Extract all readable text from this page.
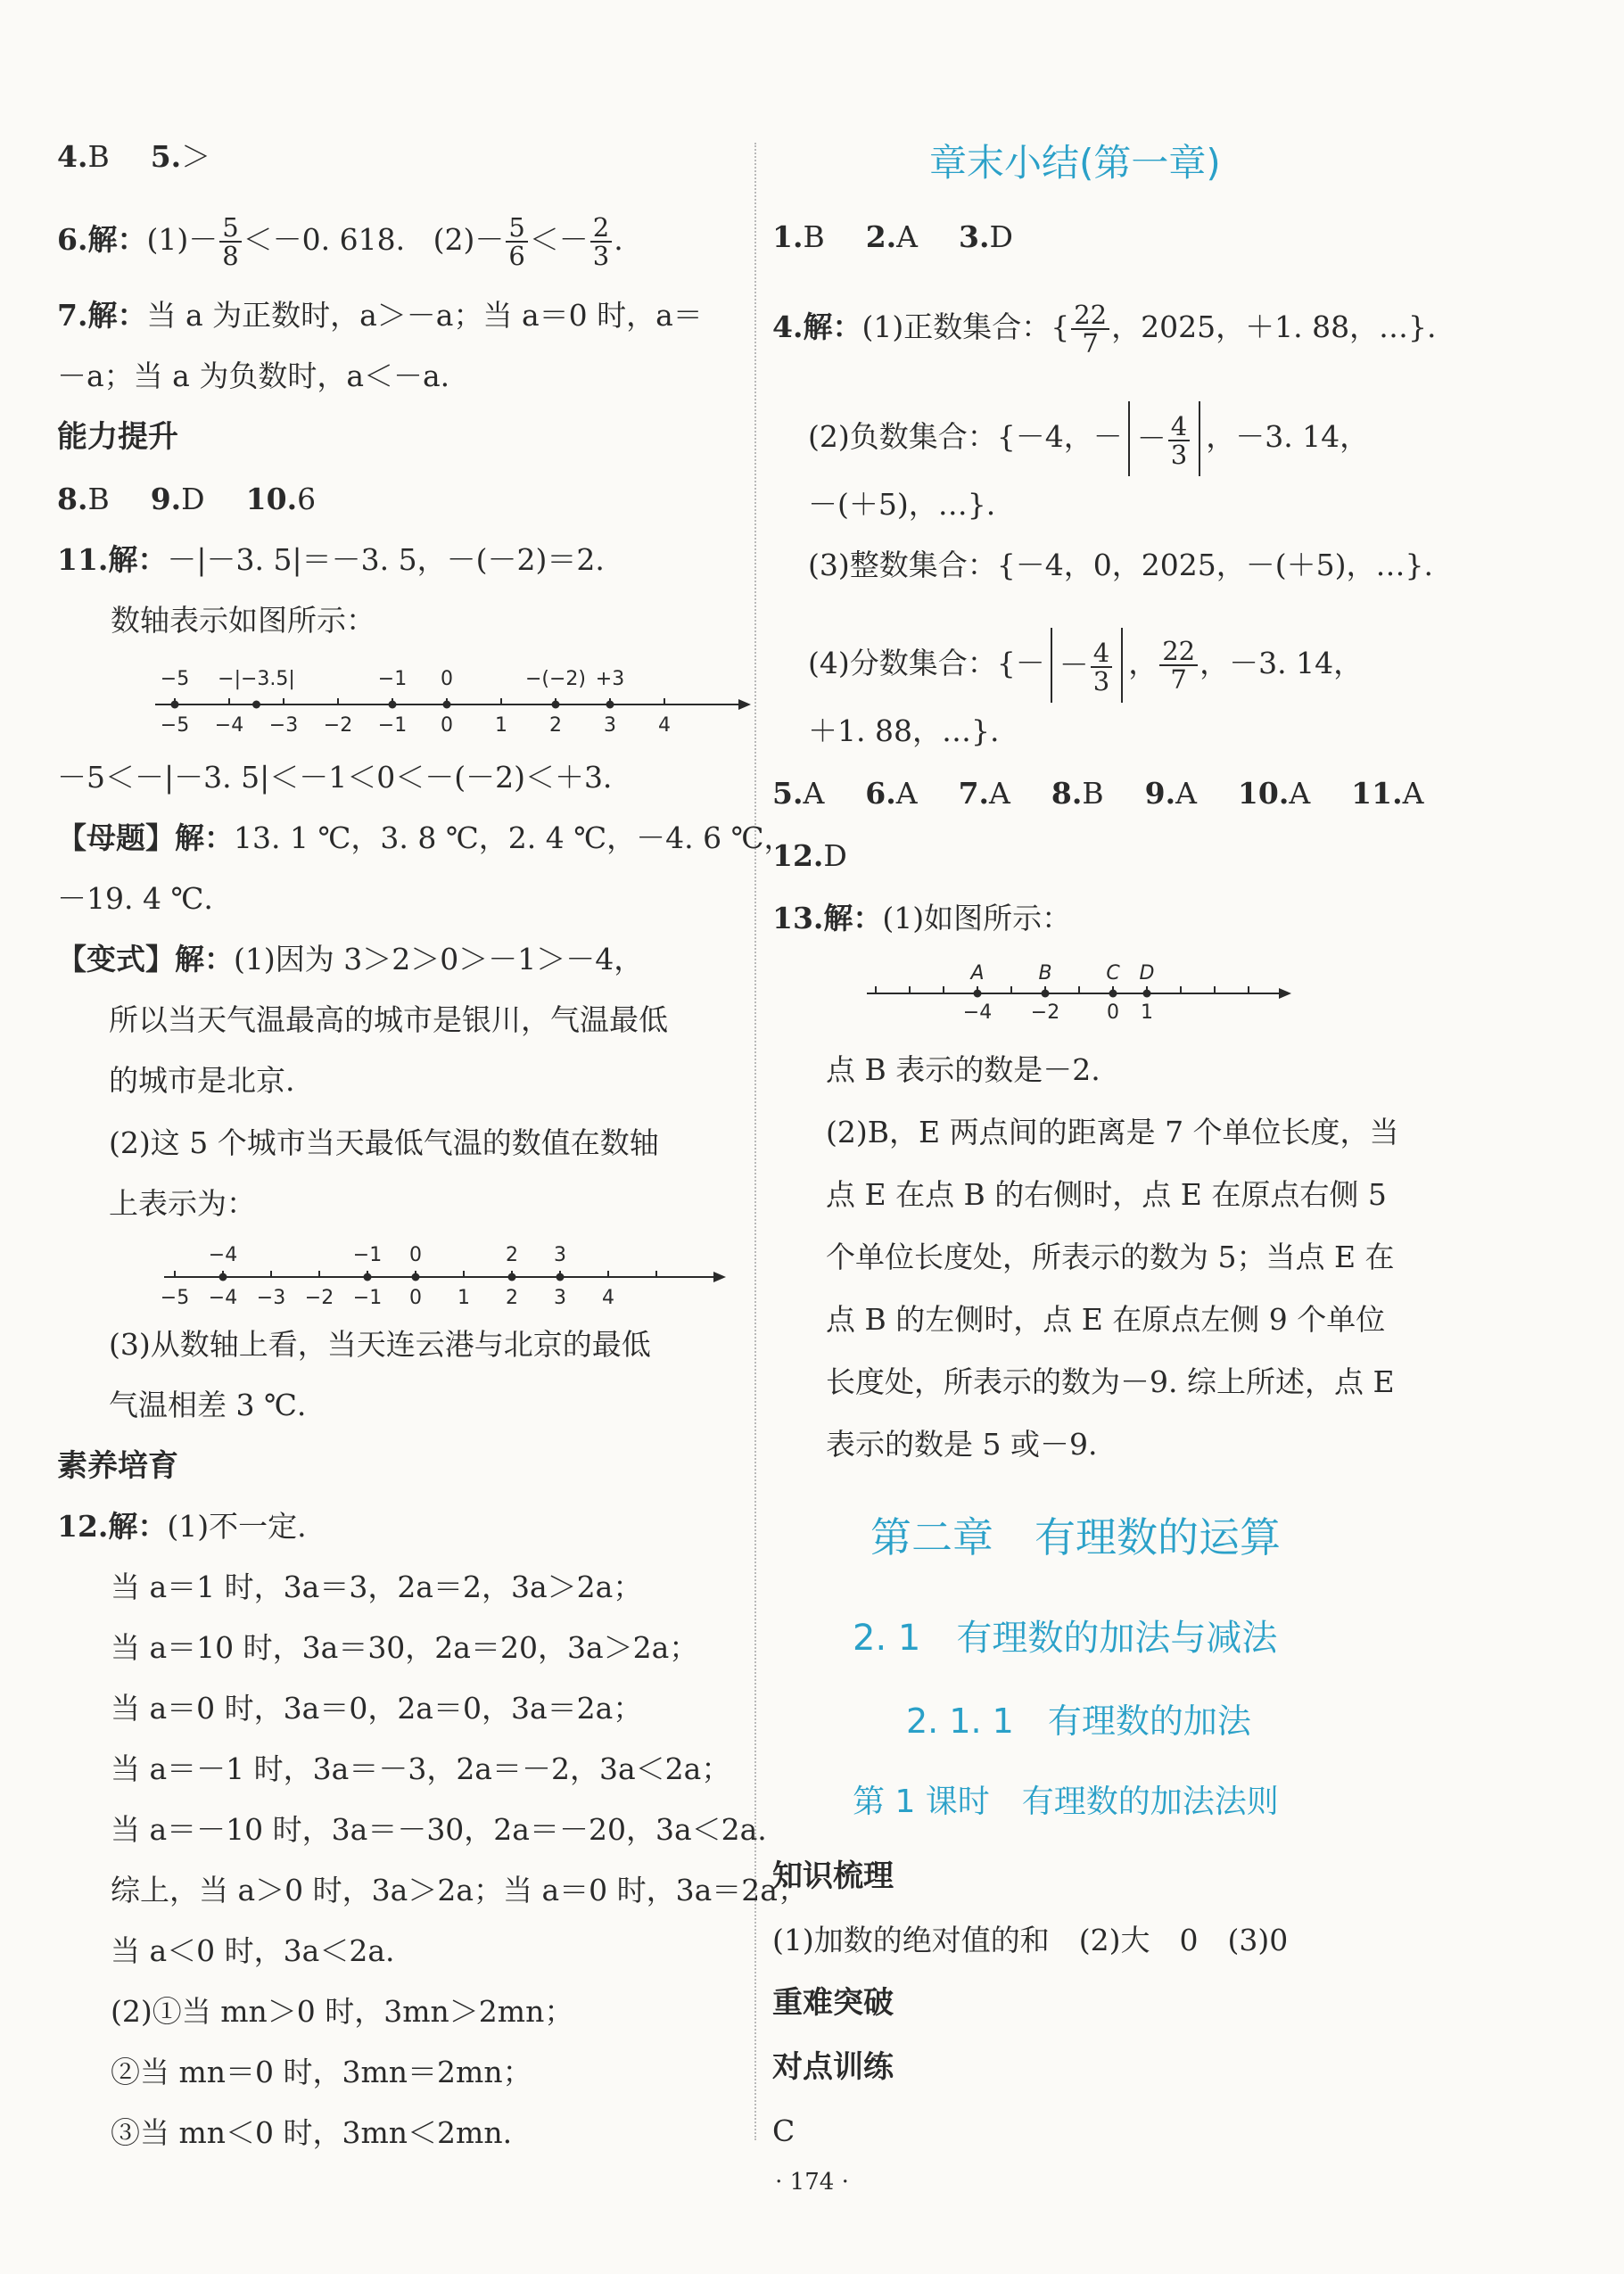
4.B 5.＞
6.解：$(1)- \frac{5}{8} <-0$. 618. $(2)- \frac{5}{6} <- \frac{2}{3}$ .
7.解：当 a 为正数时，a＞－a；当 a＝0 时，a＝
－a；当 a 为负数时，a＜－a.
能力提升
8.B 9.D 10.6
11.解：－|－3. 5|＝－3. 5，－(－2)＝2.
数轴表示如图所示：
−5 −4 −3 −2 −1 0 1 2 3 4
−5 −|−3.5|	−1 0	−(−2) +3
－5＜－|－3. 5|＜－1＜0＜－(－2)＜＋3.
【母题】解：13. 1 ℃，3. 8 ℃，2. 4 ℃，－4. 6 ℃，
－19. 4 ℃.
【变式】解：(1)因为 3＞2＞0＞－1＞－4，
所以当天气温最高的城市是银川，气温最低
的城市是北京.
(2)这 5 个城市当天最低气温的数值在数轴
上表示为：
−5 −4 −3 −2 −1 0 1 2 3 4
−4	−1 0	2 3
(3)从数轴上看，当天连云港与北京的最低
气温相差 3 ℃.
素养培育
12.解：(1)不一定.
当 a＝1 时，3a＝3，2a＝2，3a＞2a；
当 a＝10 时，3a＝30，2a＝20，3a＞2a；
当 a＝0 时，3a＝0，2a＝0，3a＝2a；
当 a＝－1 时，3a＝－3，2a＝－2，3a＜2a；
当 a＝－10 时，3a＝－30，2a＝－20，3a＜2a.
综上，当 a＞0 时，3a＞2a；当 a＝0 时，3a＝2a；
当 a＜0 时，3a＜2a.
(2)①当 mn＞0 时，3mn＞2mn；
②当 mn＝0 时，3mn＝2mn；
③当 mn＜0 时，3mn＜2mn.
章末小结(第一章)
1.B 2.A 3.D
4.解：(1)正数集合：{ $\frac{22}{7}$ ，2025，＋1. 88，…}.
(2)负数集合：{－4，－ － $\frac{4}{3}$ ，－3. 14，
－(＋5)，…}.
(3)整数集合：{－4，0，2025，－(＋5)，…}.
(4)分数集合：{－ － $\frac{4}{3}$ ， $\frac{22}{7}$ ，－3. 14，
＋1. 88，…}.
5.A 6.A 7.A 8.B 9.A 10.A 11.A
12.D
13.解：(1)如图所示：
A
−4
B
−2
C
0
D
1
点 B 表示的数是－2.
(2)B，E 两点间的距离是 7 个单位长度，当
点 E 在点 B 的右侧时，点 E 在原点右侧 5
个单位长度处，所表示的数为 5；当点 E 在
点 B 的左侧时，点 E 在原点左侧 9 个单位
长度处，所表示的数为－9. 综上所述，点 E
表示的数是 5 或－9.
第二章　有理数的运算
2. 1　有理数的加法与减法
2. 1. 1　有理数的加法
第 1 课时　有理数的加法法则
知识梳理
(1)加数的绝对值的和　(2)大　0　(3)0
重难突破
对点训练
C
· 174 ·
